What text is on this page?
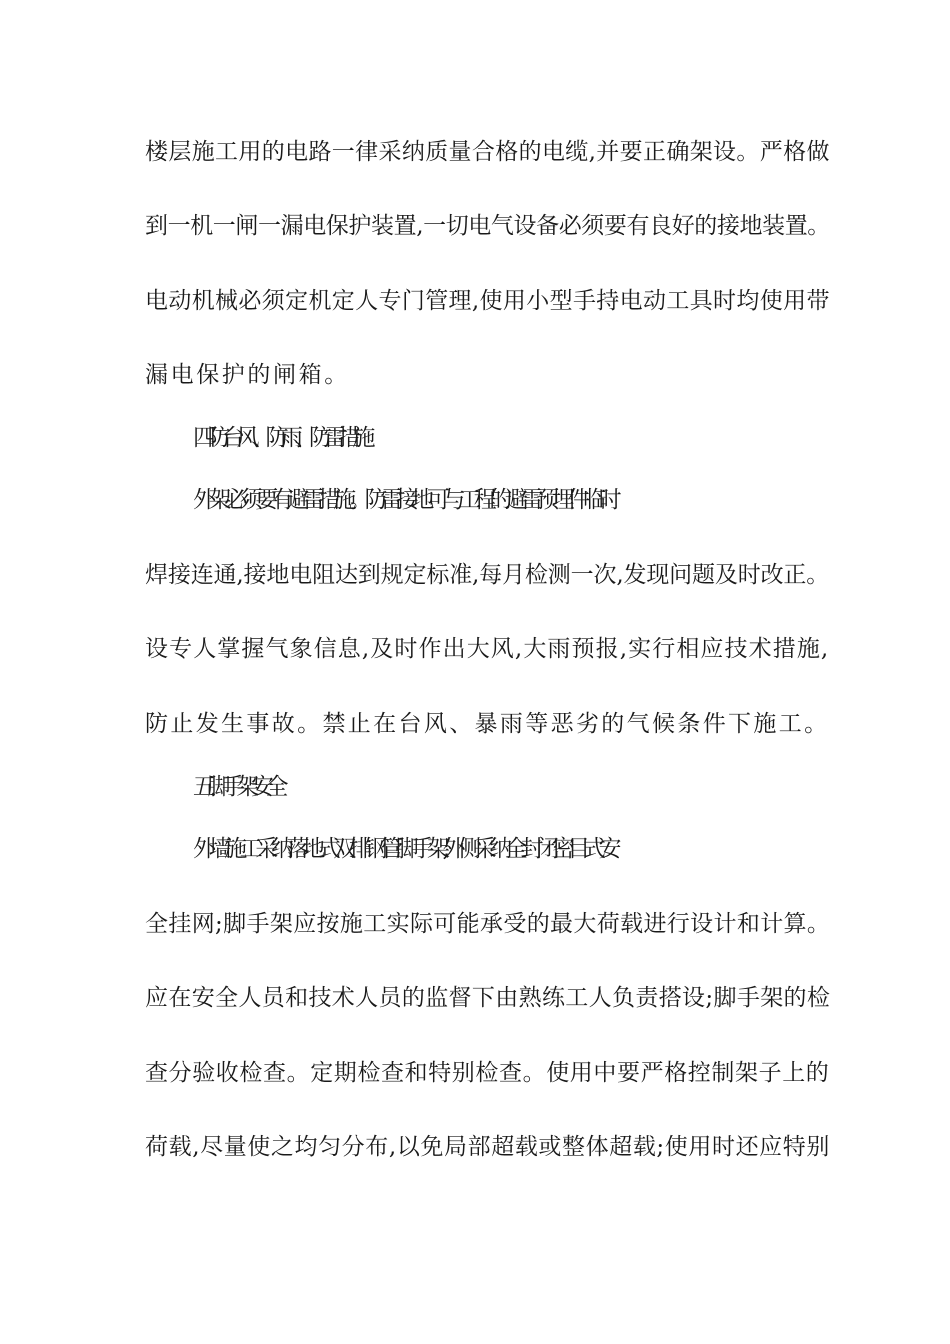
楼层施工用的电路一律采纳质量合格的电缆,并要正确架设。严格做
到一机一闸一漏电保护装置,一切电气设备必须要有良好的接地装置。
电动机械必须定机定人专门管理,使用小型手持电动工具时均使用带
漏电保护的闸箱。
四防台风、防雨、防雷措施
外架必须要有避雷措施。防雷接地可与工程的避雷预埋件临时
焊接连通,接地电阻达到规定标准,每月检测一次,发现问题及时改正。
设专人掌握气象信息,及时作出大风,大雨预报,实行相应技术措施,
防止发生事故。禁止在台风、暴雨等恶劣的气候条件下施工。
五脚手架安全
外墙施工采纳落地式双排钢管脚手架,外侧采纳全封闭密目式安
全挂网;脚手架应按施工实际可能承受的最大荷载进行设计和计算。
应在安全人员和技术人员的监督下由熟练工人负责搭设;脚手架的检
查分验收检查。定期检查和特别检查。使用中要严格控制架子上的
荷载,尽量使之均匀分布,以免局部超载或整体超载;使用时还应特别
